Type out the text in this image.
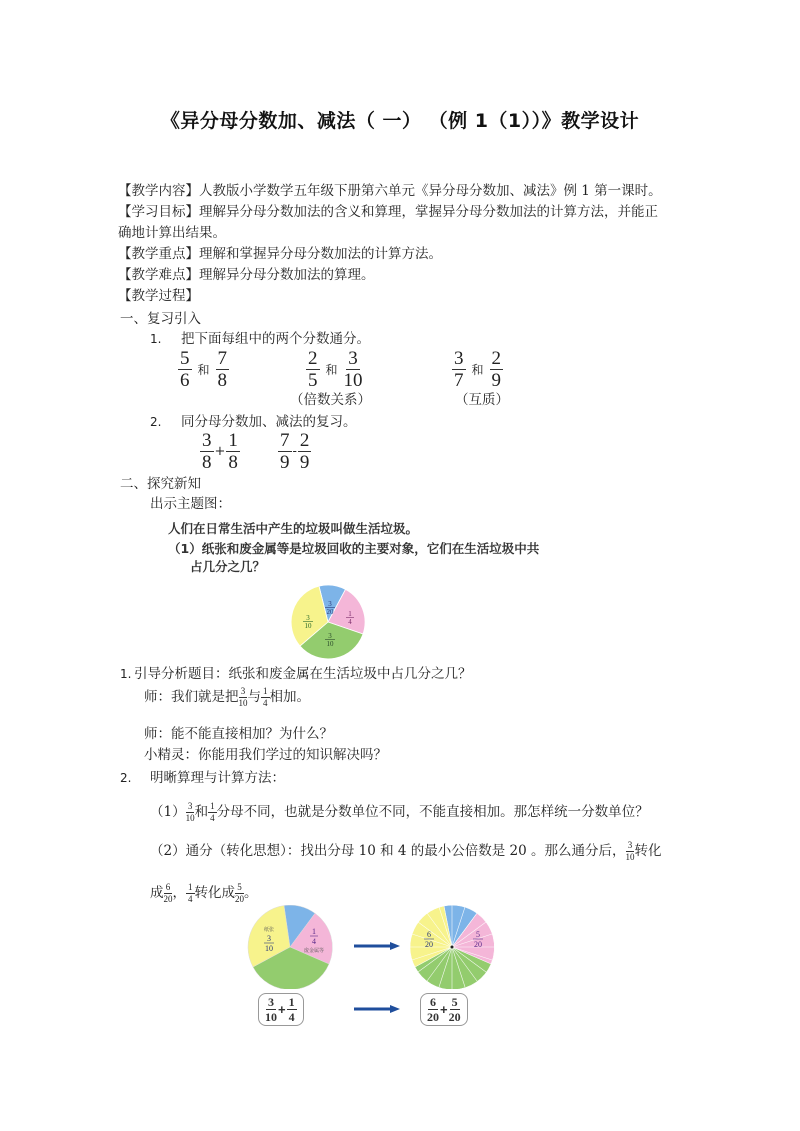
《异分母分数加、减法（ 一） （例 1（1））》教学设计
【教学内容】人教版小学数学五年级下册第六单元《异分母分数加、减法》例 1 第一课时。
【学习目标】理解异分母分数加法的含义和算理，掌握异分母分数加法的计算方法，并能正
确地计算出结果。
【教学重点】理解和掌握异分母分数加法的计算方法。
【教学难点】理解异分母分数加法的算理。
【教学过程】
一、复习引入
1. 把下面每组中的两个分数通分。
$\frac{5}{6}$ 和 $\frac{7}{8}$	$\frac{2}{5}$ 和 $\frac{3}{10}$	$\frac{3}{7}$ 和 $\frac{2}{9}$
（倍数关系）	（互质）
2. 同分母分数加、减法的复习。
$\frac{3}{8} + \frac{1}{8} \frac{7}{9} - \frac{2}{9}$
二、探究新知
出示主题图：
人们在日常生活中产生的垃圾叫做生活垃圾。
（1）纸张和废金属等是垃圾回收的主要对象，它们在生活垃圾中共
占几分之几？
3
20 1
4
3
10
3
10
1. 引导分析题目：纸张和废金属在生活垃圾中占几分之几？
师：我们就是把 $\frac{3}{10}$ 与 $\frac{1}{4}$ 相加。
师：能不能直接相加？为什么？
小精灵：你能用我们学过的知识解决吗？
2. 明晰算理与计算方法：
$(1) \frac{3}{10}$ 和 $\frac{1}{4}$ 分母不同，也就是分数单位不同，不能直接相加。那怎样统一分数单位？
（2）通分（转化思想）：找出分母 10 和 4 的最小公倍数是 20 。那么通分后， $\frac{3}{10}$ 转化
成 $\frac{6}{20}$ ， $\frac{1}{4}$ 转化成 $\frac{5}{20}$ 。
纸张
3
10
1
4
废金属等
6
20
5
20
$\frac{3}{10} + \frac{1}{4}$	$\frac{6}{20} + \frac{5}{20}$
